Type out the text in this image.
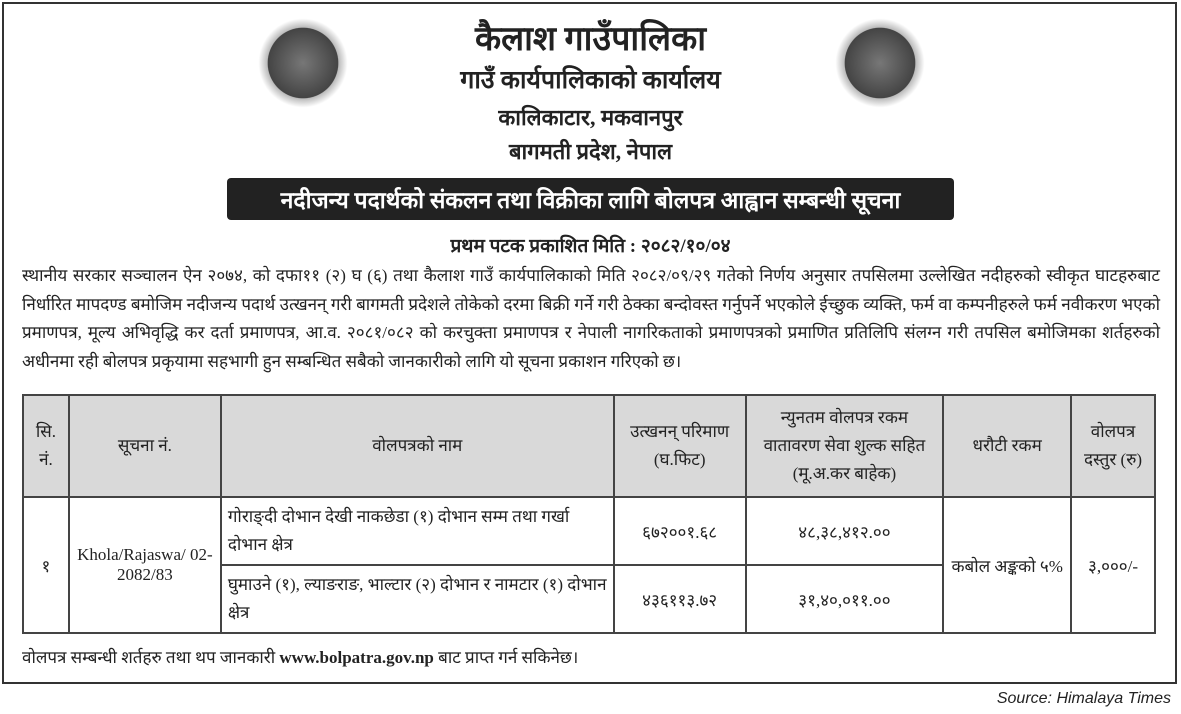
कैलाश गाउँपालिका
गाउँ कार्यपालिकाको कार्यालय
कालिकाटार, मकवानपुर
बागमती प्रदेश, नेपाल
नदीजन्य पदार्थको संकलन तथा विक्रीका लागि बोलपत्र आह्वान सम्बन्धी सूचना
प्रथम पटक प्रकाशित मिति : २०८२/१०/०४
स्थानीय सरकार सञ्चालन ऐन २०७४, को दफा११ (२) घ (६) तथा कैलाश गाउँ कार्यपालिकाको मिति २०८२/०९/२९ गतेको निर्णय अनुसार तपसिलमा उल्लेखित नदीहरुको स्वीकृत घाटहरुबाट निर्धारित मापदण्ड बमोजिम नदीजन्य पदार्थ उत्खनन् गरी बागमती प्रदेशले तोकेको दरमा बिक्री गर्ने गरी ठेक्का बन्दोवस्त गर्नुपर्ने भएकोले ईच्छुक व्यक्ति, फर्म वा कम्पनीहरुले फर्म नवीकरण भएको प्रमाणपत्र, मूल्य अभिवृद्धि कर दर्ता प्रमाणपत्र, आ.व. २०८१/०८२ को करचुक्ता प्रमाणपत्र र नेपाली नागरिकताको प्रमाणपत्रको प्रमाणित प्रतिलिपि संलग्न गरी तपसिल बमोजिमका शर्तहरुको अधीनमा रही बोलपत्र प्रकृयामा सहभागी हुन सम्बन्धित सबैको जानकारीको लागि यो सूचना प्रकाशन गरिएको छ।
सि. नं.	सूचना नं.	वोलपत्रको नाम	उत्खनन् परिमाण (घ.फिट)	न्युनतम वोलपत्र रकम वातावरण सेवा शुल्क सहित (मू.अ.कर बाहेक)	धरौटी रकम	वोलपत्र दस्तुर (रु)
१	Khola/Rajaswa/ 02-2082/83	गोराङ्दी दोभान देखी नाकछेडा (१) दोभान सम्म तथा गर्खा दोभान क्षेत्र	६७२००१.६८	४८,३८,४१२.००	कबोल अङ्कको ५%	३,०००/-
		घुमाउने (१), ल्याङराङ, भाल्टार (२) दोभान र नामटार (१) दोभान क्षेत्र	४३६११३.७२	३१,४०,०११.००		
वोलपत्र सम्बन्धी शर्तहरु तथा थप जानकारी www.bolpatra.gov.np बाट प्राप्त गर्न सकिनेछ।
Source: Himalaya Times
